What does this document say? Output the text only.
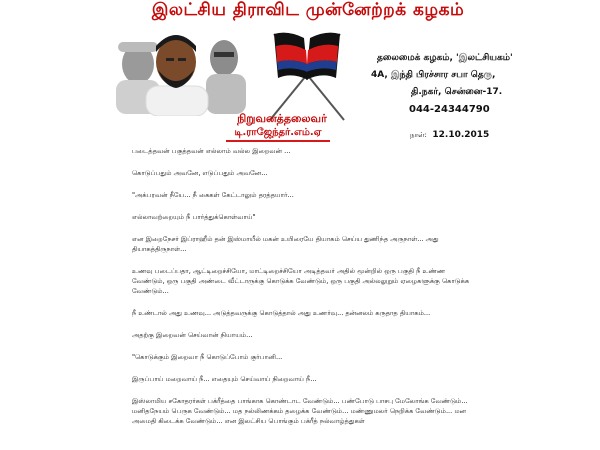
இலட்சிய திராவிட முன்னேற்றக் கழகம்
தலைமைக் கழகம், 'இலட்சியகம்'
4A, இந்தி பிரச்சார சபா தெரு,
தி.நகர், சென்னை-17.
044-24344790
நிறுவனத்தலைவர்
டி.ராஜேந்தர்.எம்.ஏ	நாள்: 12.10.2015

படைத்தவன் பகுத்தவன் எல்லாம் வல்ல இறைவன் ...

கொடுப்பதும் அவனே, எடுப்பதும் அவனே...

"அக்பரவன் நீயே... நீ கைகள் கேட்டாலும் தரத்தயார்...

எல்லாவற்றையும் நீ பார்த்துக்கொள்வாய்"

என இறைநேசர் இப்ராஹீம் தன் இஸ்மாயீல் மகன் உயிரையே தியாகம் செய்ய துணிந்த அருநாள்... அது தியாகத்திருநாள்...

உணவு படைப்பதா, ஆட்டிறைச்சியோ, மாட்டிறைச்சியோ அடித்தவர் அதில் மூன்றில் ஒரு பகுதி நீ உண்ண வேண்டும், ஒரு பகுதி அண்டை வீட்டாருக்கு கொடுக்க வேண்டும், ஒரு பகுதி அல்லலுறும் ஏழைகளுக்கு கொடுக்க வேண்டும்...

நீ உண்டால் அது உணவு... அடுத்தவருக்கு கொடுத்தால் அது உணர்வு... தன்னலம் கருதாத தியாகம்...

அதற்கு இறைவன் செய்வான் நியாயம்...

"கொடுக்கும் இறைவா நீ கொடுப்போம் குர்பானி...

இருப்பாய் மறைவாய் நீ... எதையும் செய்வாய் நிறைவாய் நீ...

இஸ்லாமிய சகோதரர்கள் பக்ரீத்தை பாங்காக கொண்டாட வேண்டும்... பண்போடு பாசபு மேலோங்க வேண்டும்... மனிதநேயம் பெருக வேண்டும்... மத நல்லிணக்கம் தழைக்க வேண்டும்... மண்ணுமலர் நெறிக்க வேண்டும்... மன அமைதி கிடைக்க வேண்டும்... என இலட்சிய பொங்கும் பக்ரீத் நல்வாழ்த்துகள்
